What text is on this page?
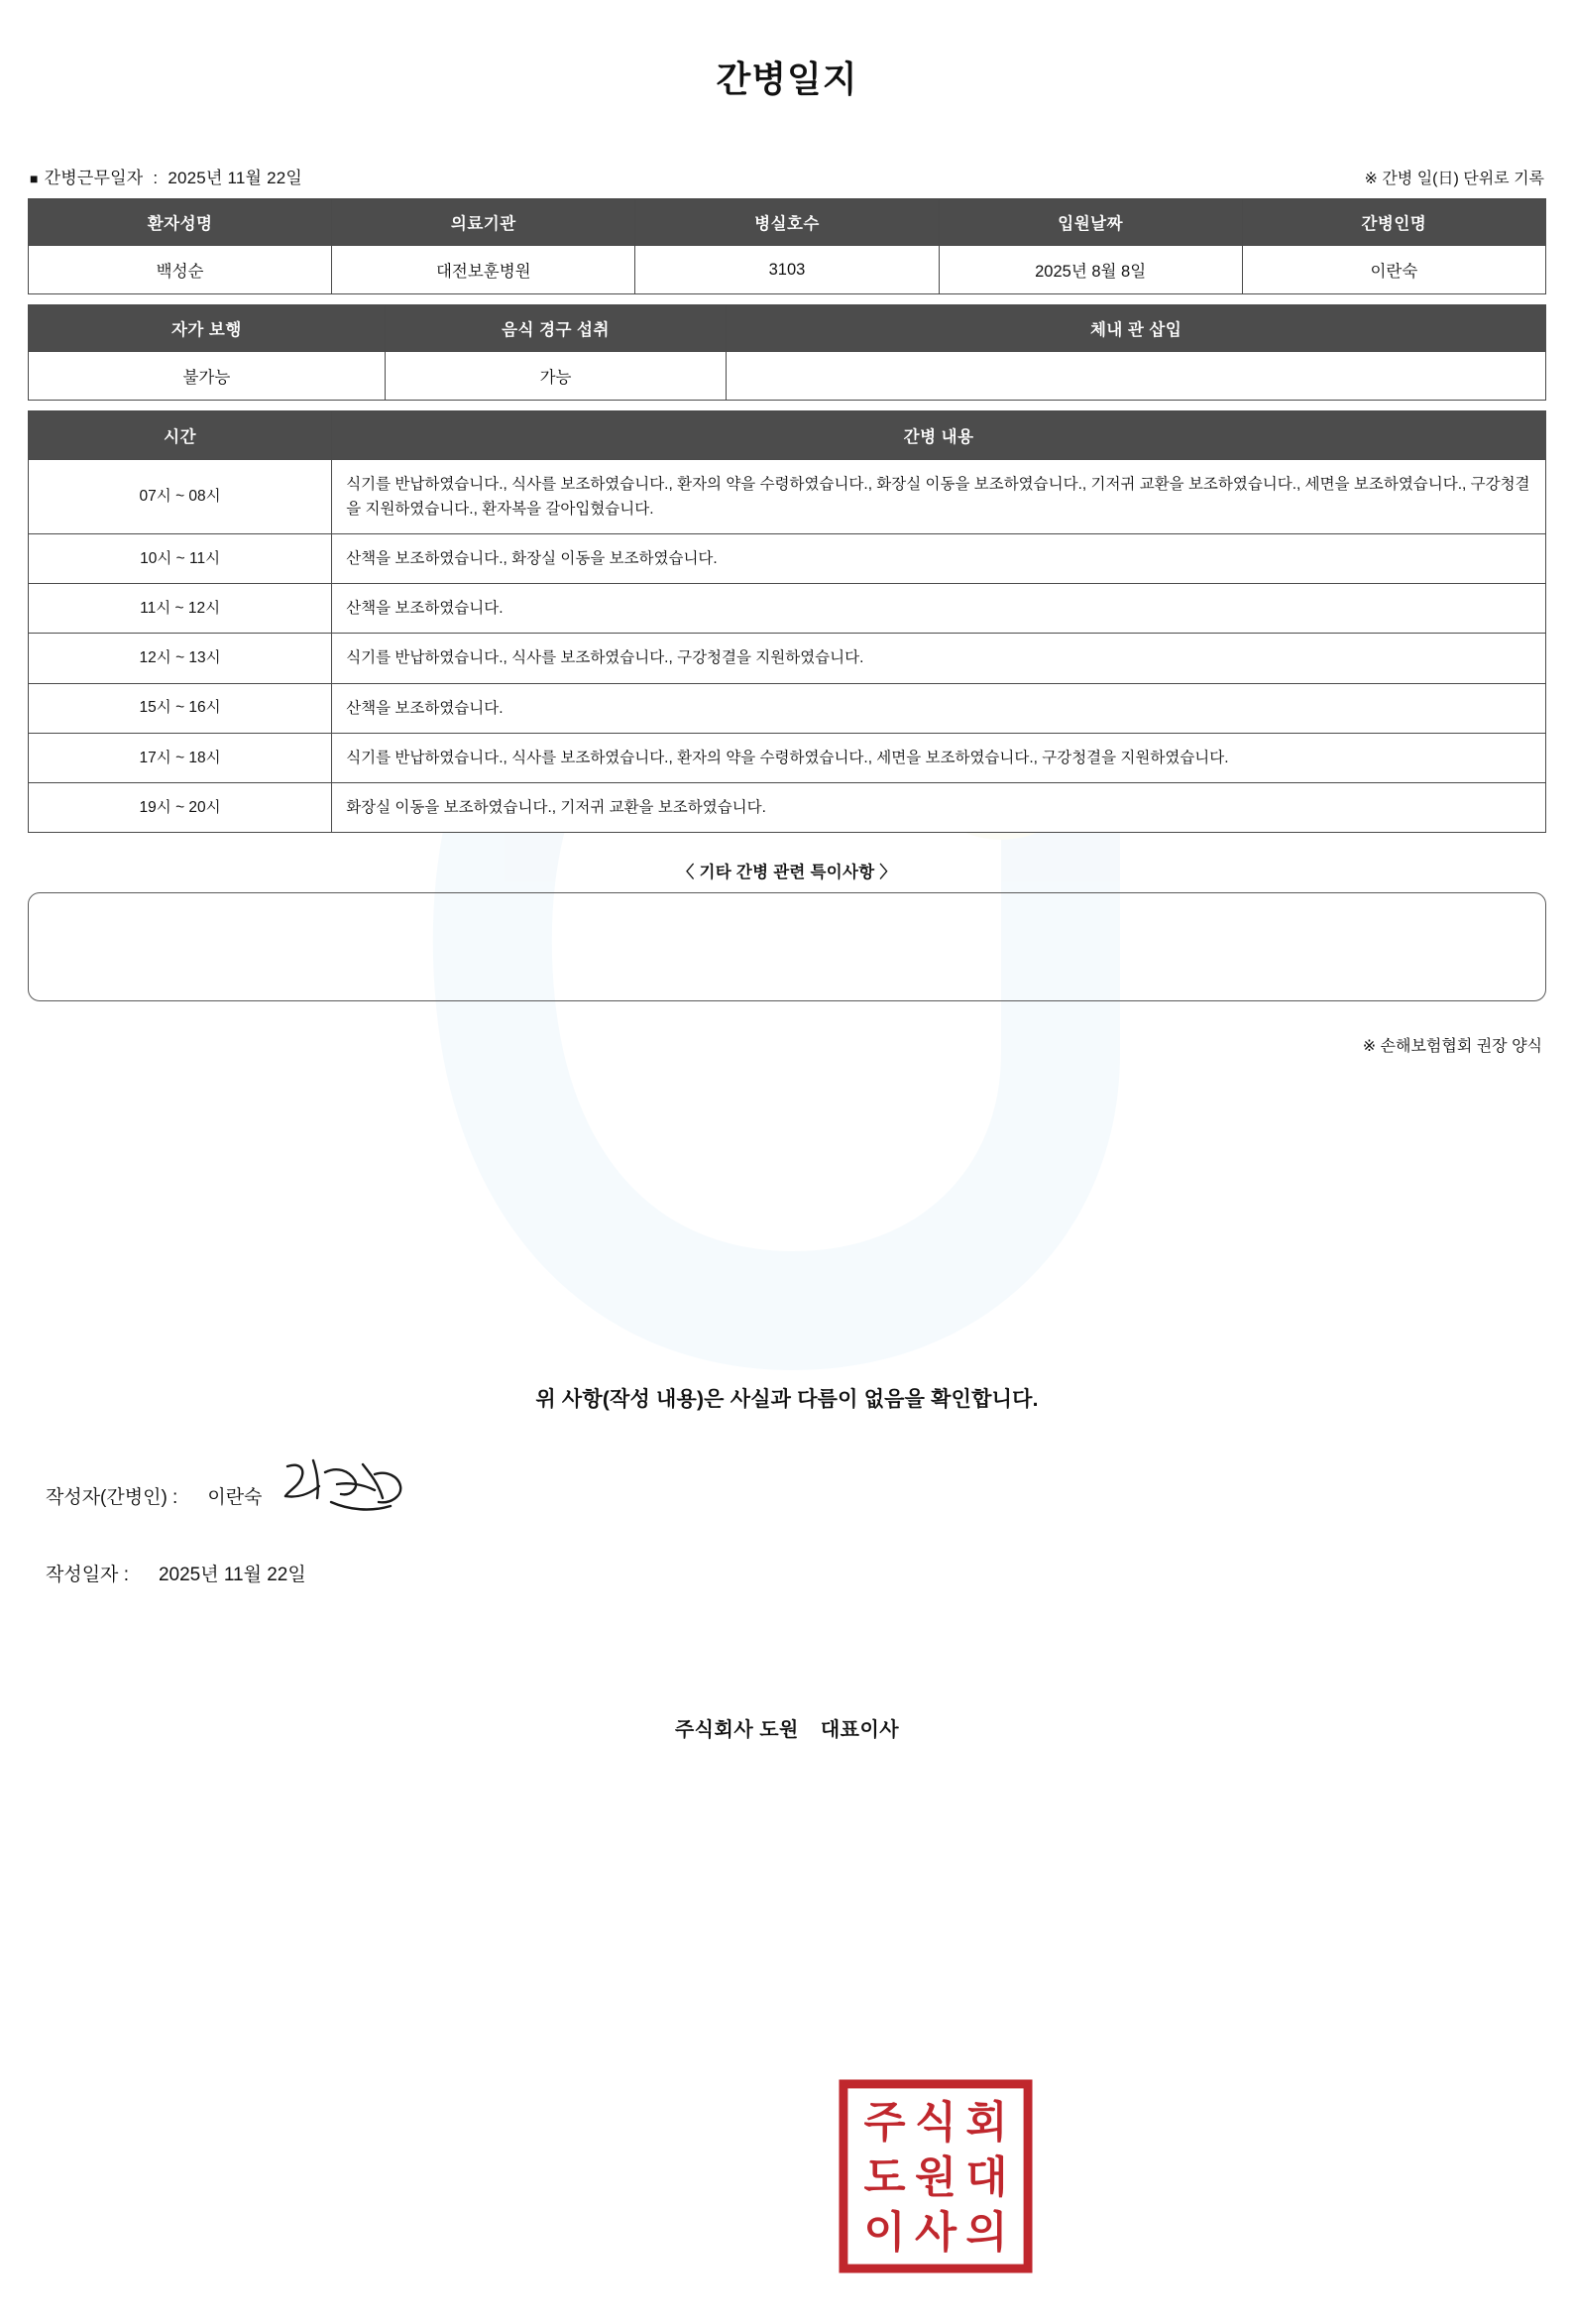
간병일지
■ 간병근무일자 : 2025년 11월 22일	※ 간병 일(日) 단위로 기록
환자성명	의료기관	병실호수	입원날짜	간병인명
백성순	대전보훈병원	3103	2025년 8월 8일	이란숙
자가 보행	음식 경구 섭취	체내 관 삽입
불가능	가능	
시간	간병 내용
07시 ~ 08시	식기를 반납하였습니다., 식사를 보조하였습니다., 환자의 약을 수령하였습니다., 화장실 이동을 보조하였습니다., 기저귀 교환을 보조하였습니다., 세면을 보조하였습니다., 구강청결을 지원하였습니다., 환자복을 갈아입혔습니다.
10시 ~ 11시	산책을 보조하였습니다., 화장실 이동을 보조하였습니다.
11시 ~ 12시	산책을 보조하였습니다.
12시 ~ 13시	식기를 반납하였습니다., 식사를 보조하였습니다., 구강청결을 지원하였습니다.
15시 ~ 16시	산책을 보조하였습니다.
17시 ~ 18시	식기를 반납하였습니다., 식사를 보조하였습니다., 환자의 약을 수령하였습니다., 세면을 보조하였습니다., 구강청결을 지원하였습니다.
19시 ~ 20시	화장실 이동을 보조하였습니다., 기저귀 교환을 보조하였습니다.
〈 기타 간병 관련 특이사항 〉
※ 손해보험협회 권장 양식
위 사항(작성 내용)은 사실과 다름이 없음을 확인합니다.
작성자(간병인) : 이란숙
작성일자 : 2025년 11월 22일
주식회사 도원 대표이사
주 식 회
도 원 대
이 사 의
